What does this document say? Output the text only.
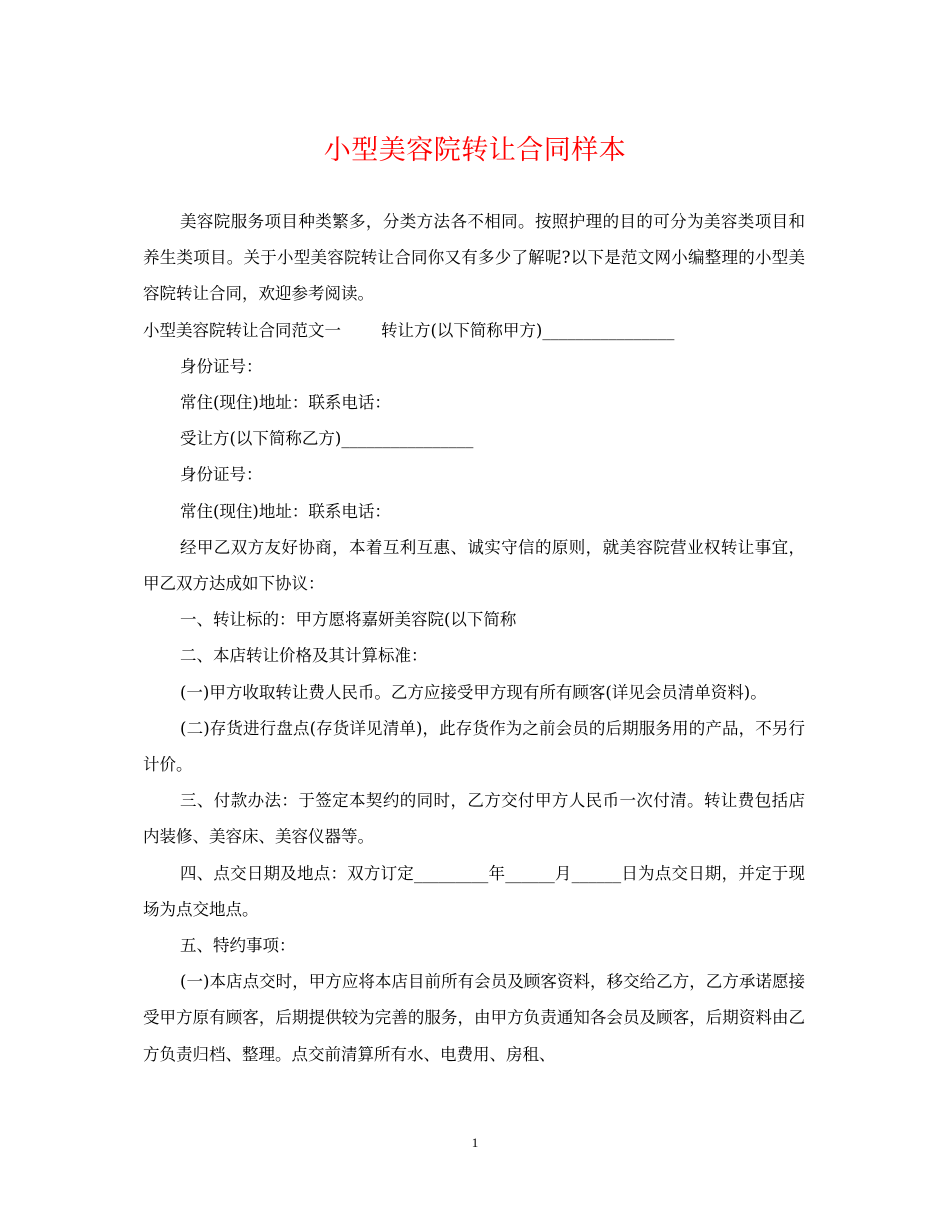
小型美容院转让合同样本

美容院服务项目种类繁多，分类方法各不相同。按照护理的目的可分为美容类项目和养生类项目。关于小型美容院转让合同你又有多少了解呢?以下是范文网小编整理的小型美容院转让合同，欢迎参考阅读。

小型美容院转让合同范文一 转让方(以下简称甲方)________________

身份证号：

常住(现住)地址：联系电话：

受让方(以下简称乙方)________________

身份证号：

常住(现住)地址：联系电话：

经甲乙双方友好协商，本着互利互惠、诚实守信的原则，就美容院营业权转让事宜，甲乙双方达成如下协议：

一、转让标的：甲方愿将嘉妍美容院(以下简称

二、本店转让价格及其计算标准：

(一)甲方收取转让费人民币。乙方应接受甲方现有所有顾客(详见会员清单资料)。

(二)存货进行盘点(存货详见清单)，此存货作为之前会员的后期服务用的产品，不另行计价。

三、付款办法：于签定本契约的同时，乙方交付甲方人民币一次付清。转让费包括店内装修、美容床、美容仪器等。

四、点交日期及地点：双方订定_________年______月______日为点交日期，并定于现场为点交地点。

五、特约事项：

(一)本店点交时，甲方应将本店目前所有会员及顾客资料，移交给乙方，乙方承诺愿接受甲方原有顾客，后期提供较为完善的服务，由甲方负责通知各会员及顾客，后期资料由乙方负责归档、整理。点交前清算所有水、电费用、房租、

1
